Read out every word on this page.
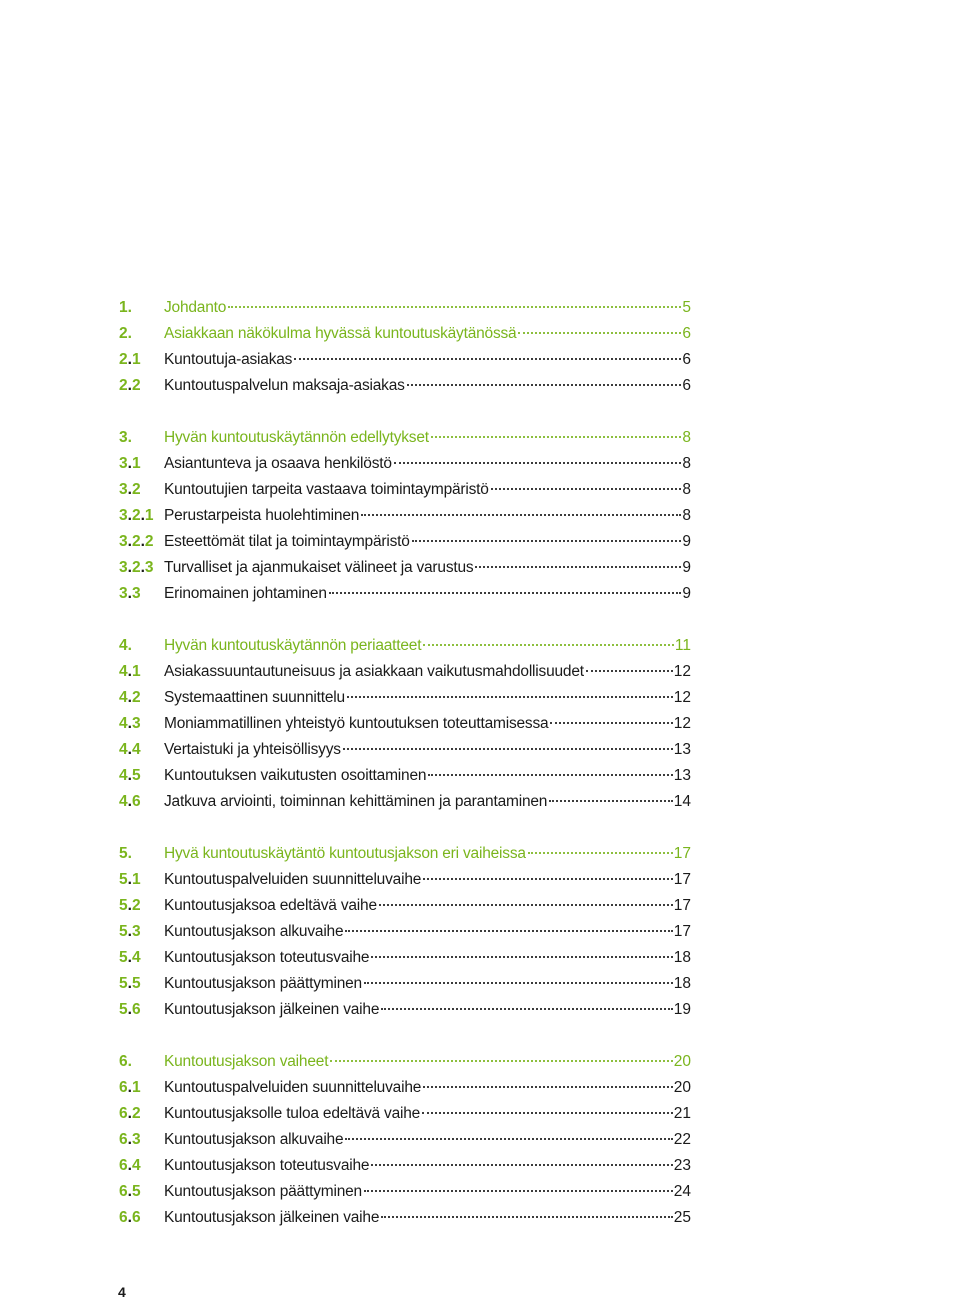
1.	Johdanto	5
2.	Asiakkaan näkökulma hyvässä kuntoutuskäytänössä	6
2.1	Kuntoutuja-asiakas	6
2.2	Kuntoutuspalvelun maksaja-asiakas	6
3.	Hyvän kuntoutuskäytännön edellytykset	8
3.1	Asiantunteva ja osaava henkilöstö	8
3.2	Kuntoutujien tarpeita vastaava toimintaympäristö	8
3.2.1 Perustarpeista huolehtiminen	8
3.2.2 Esteettömät tilat ja toimintaympäristö	9
3.2.3 Turvalliset ja ajanmukaiset välineet ja varustus	9
3.3	Erinomainen johtaminen	9
4.	Hyvän kuntoutuskäytännön periaatteet	11
4.1	Asiakassuuntautuneisuus ja asiakkaan vaikutusmahdollisuudet	12
4.2	Systemaattinen suunnittelu	12
4.3	Moniammatillinen yhteistyö kuntoutuksen toteuttamisessa	12
4.4	Vertaistuki ja yhteisöllisyys	13
4.5	Kuntoutuksen vaikutusten osoittaminen	13
4.6	Jatkuva arviointi, toiminnan kehittäminen ja parantaminen	14
5.	Hyvä kuntoutuskäytäntö kuntoutusjakson eri vaiheissa	17
5.1	Kuntoutuspalveluiden suunnitteluvaihe	17
5.2	Kuntoutusjaksoa edeltävä vaihe	17
5.3	Kuntoutusjakson alkuvaihe	17
5.4	Kuntoutusjakson toteutusvaihe	18
5.5	Kuntoutusjakson päättyminen	18
5.6	Kuntoutusjakson jälkeinen vaihe	19
6.	Kuntoutusjakson vaiheet	20
6.1	Kuntoutuspalveluiden suunnitteluvaihe	20
6.2	Kuntoutusjaksolle tuloa edeltävä vaihe	21
6.3	Kuntoutusjakson alkuvaihe	22
6.4	Kuntoutusjakson toteutusvaihe	23
6.5	Kuntoutusjakson päättyminen	24
6.6	Kuntoutusjakson jälkeinen vaihe	25
4
